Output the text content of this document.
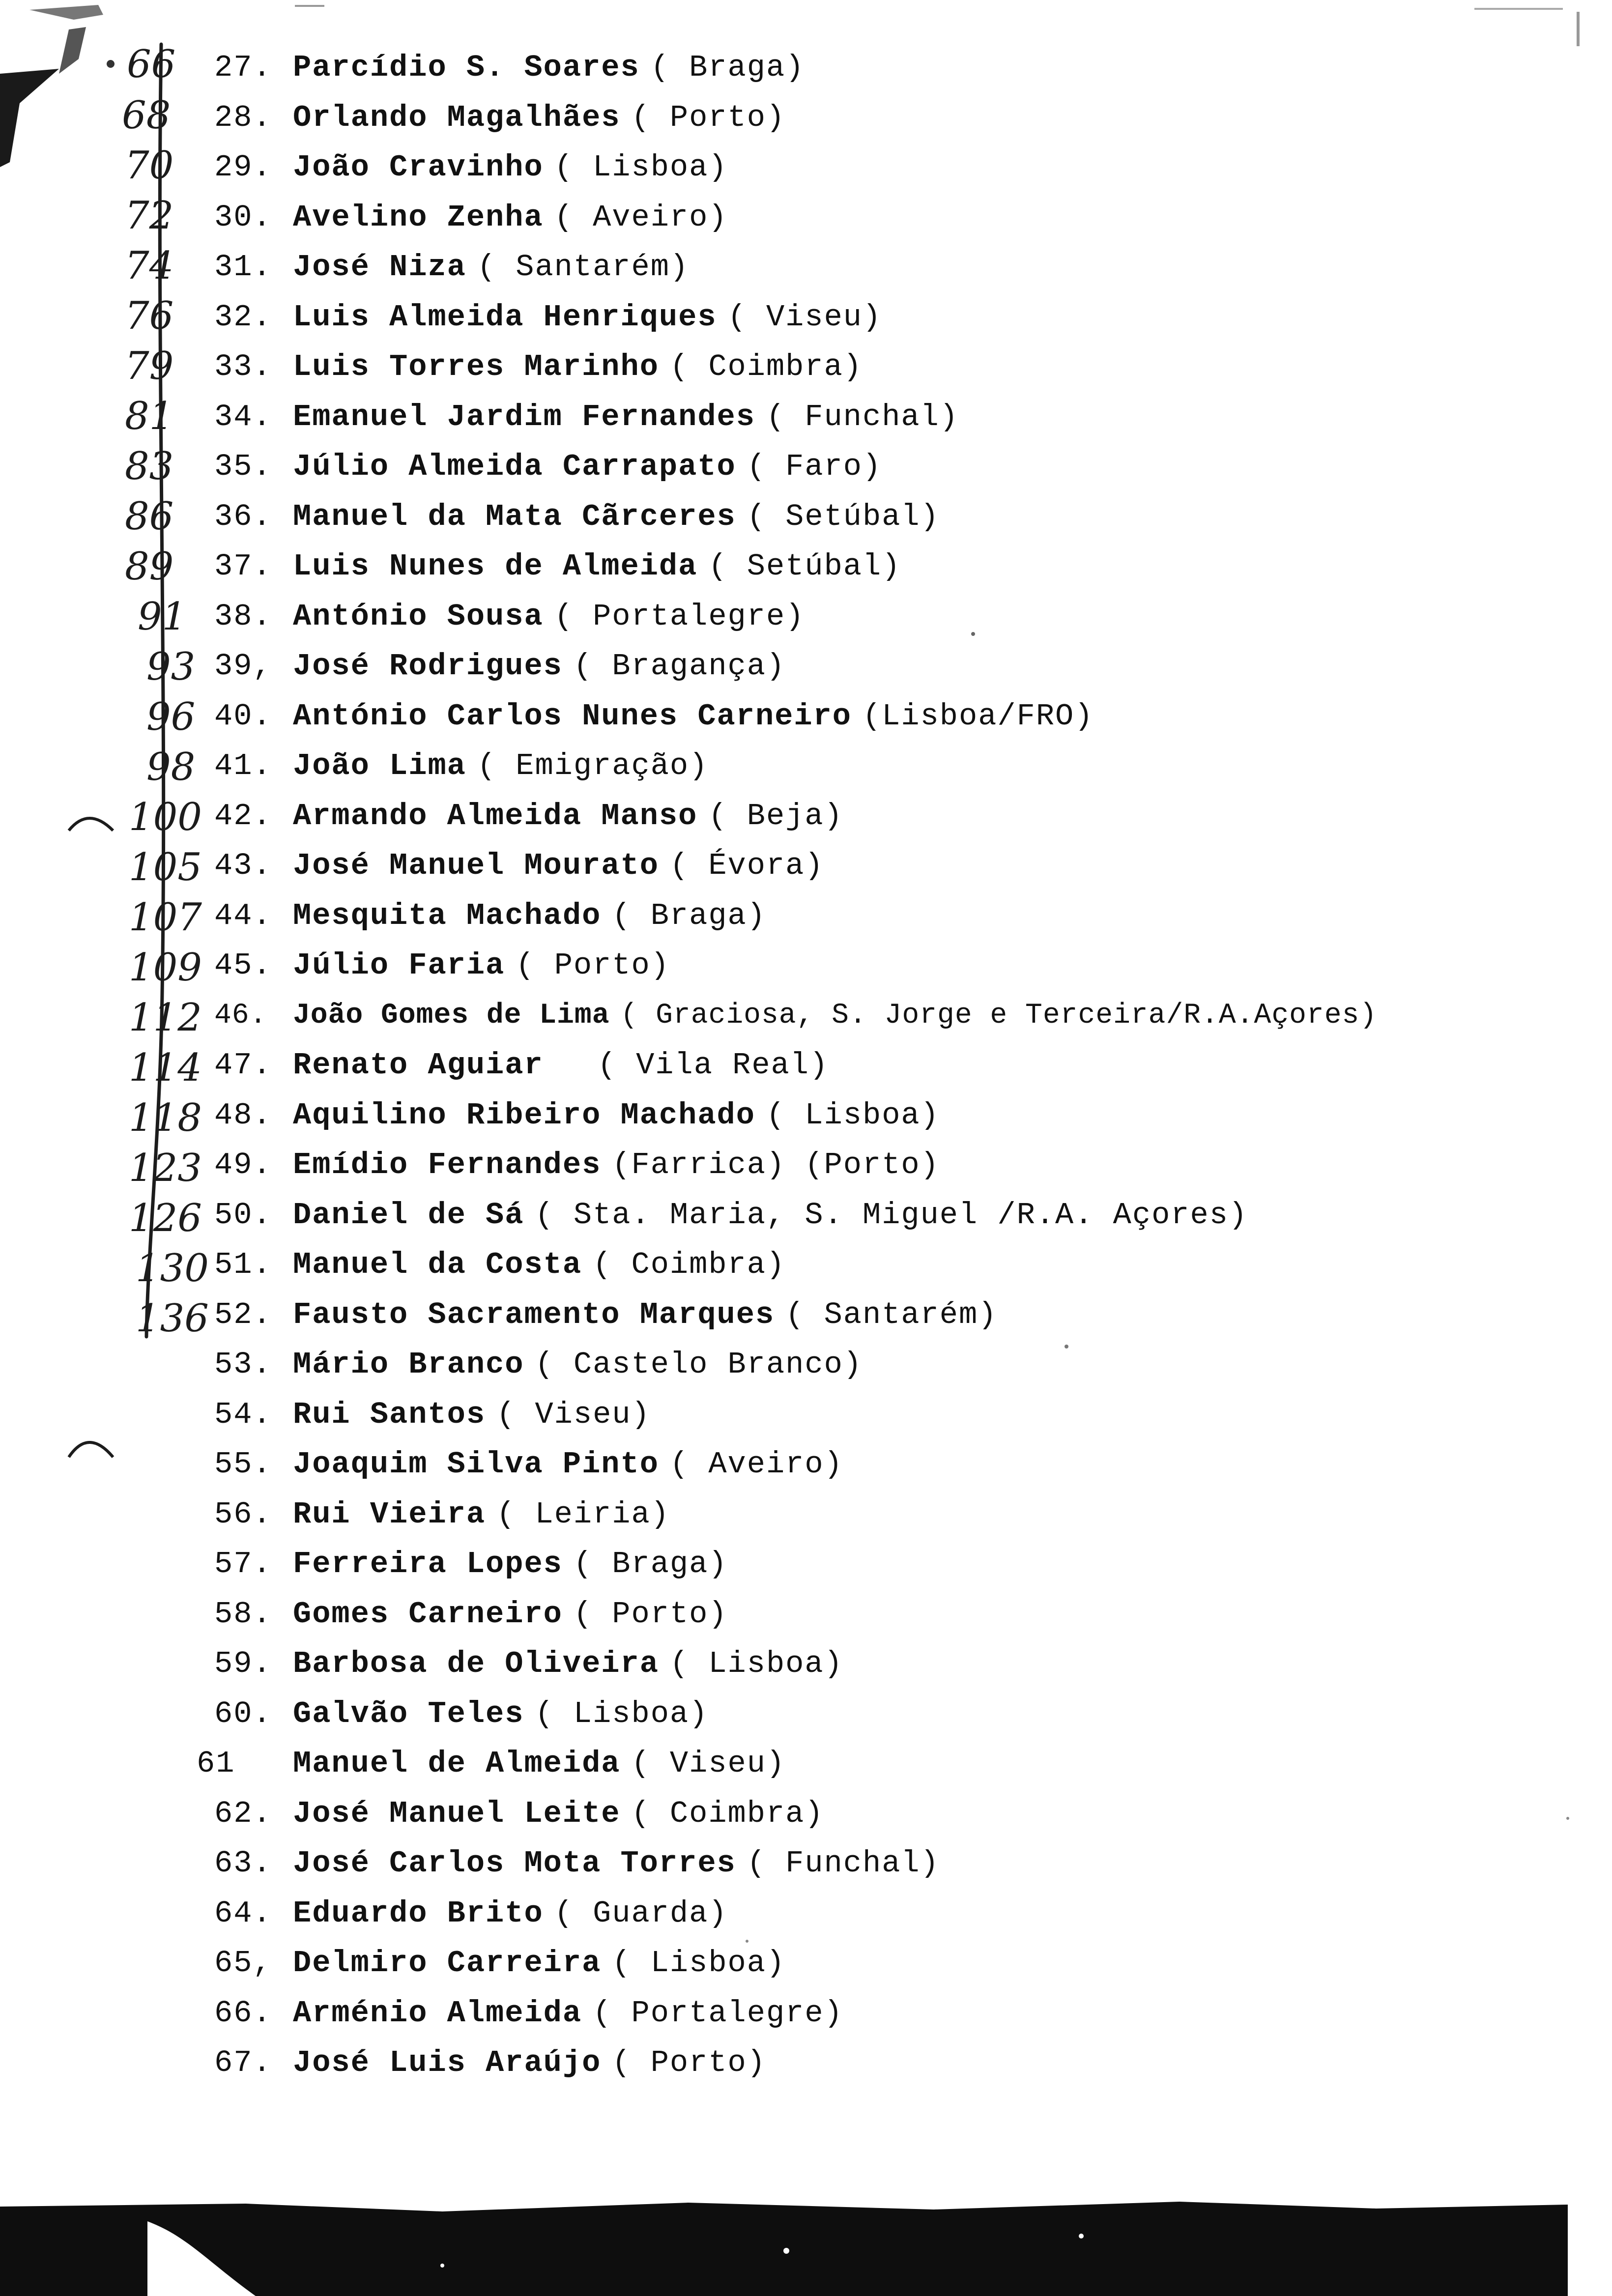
66
68
70
72
74
76
79
81
83
86
89
91
93
96
98
100
105
107
109
112
114
118
123
126
130
136
27. Parcídio S. Soares ( Braga)
28. Orlando Magalhães ( Porto)
29. João Cravinho ( Lisboa)
30. Avelino Zenha ( Aveiro)
31. José Niza ( Santarém)
32. Luis Almeida Henriques ( Viseu)
33. Luis Torres Marinho ( Coimbra)
34. Emanuel Jardim Fernandes ( Funchal)
35. Júlio Almeida Carrapato ( Faro)
36. Manuel da Mata Cãrceres ( Setúbal)
37. Luis Nunes de Almeida ( Setúbal)
38. António Sousa ( Portalegre)
39, José Rodrigues ( Bragança)
40. António Carlos Nunes Carneiro (Lisboa/FRO)
41. João Lima ( Emigração)
42. Armando Almeida Manso ( Beja)
43. José Manuel Mourato ( Évora)
44. Mesquita Machado ( Braga)
45. Júlio Faria ( Porto)
46. João Gomes de Lima ( Graciosa, S. Jorge e Terceira/R.A.Açores)
47. Renato Aguiar ( Vila Real)
48. Aquilino Ribeiro Machado ( Lisboa)
49. Emídio Fernandes (Farrica) (Porto)
50. Daniel de Sá ( Sta. Maria, S. Miguel /R.A. Açores)
51. Manuel da Costa ( Coimbra)
52. Fausto Sacramento Marques ( Santarém)
53. Mário Branco ( Castelo Branco)
54. Rui Santos ( Viseu)
55. Joaquim Silva Pinto ( Aveiro)
56. Rui Vieira ( Leiria)
57. Ferreira Lopes ( Braga)
58. Gomes Carneiro ( Porto)
59. Barbosa de Oliveira ( Lisboa)
60. Galvão Teles ( Lisboa)
61 Manuel de Almeida ( Viseu)
62. José Manuel Leite ( Coimbra)
63. José Carlos Mota Torres ( Funchal)
64. Eduardo Brito ( Guarda)
65, Delmiro Carreira ( Lisboa)
66. Arménio Almeida ( Portalegre)
67. José Luis Araújo ( Porto)
